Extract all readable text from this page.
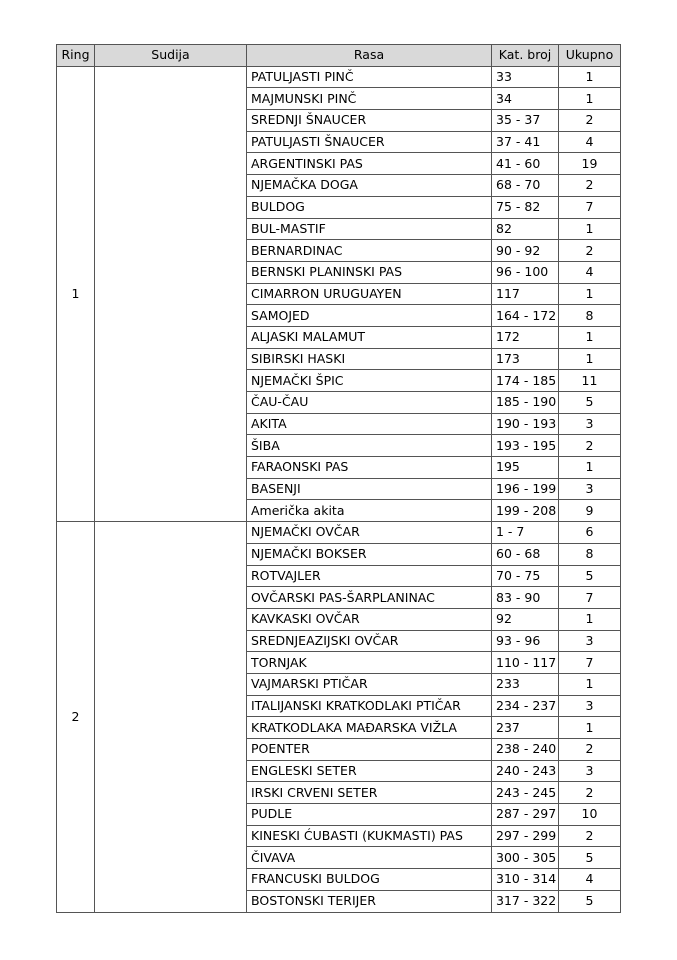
Ring	Sudija	Rasa	Kat. broj	Ukupno
1		PATULJASTI PINČ	33	1
		MAJMUNSKI PINČ	34	1
		SREDNJI ŠNAUCER	35 - 37	2
		PATULJASTI ŠNAUCER	37 - 41	4
		ARGENTINSKI PAS	41 - 60	19
		NJEMAČKA DOGA	68 - 70	2
		BULDOG	75 - 82	7
		BUL-MASTIF	82	1
		BERNARDINAC	90 - 92	2
		BERNSKI PLANINSKI PAS	96 - 100	4
		CIMARRON URUGUAYEN	117	1
		SAMOJED	164 - 172	8
		ALJASKI MALAMUT	172	1
		SIBIRSKI HASKI	173	1
		NJEMAČKI ŠPIC	174 - 185	11
		ČAU-ČAU	185 - 190	5
		AKITA	190 - 193	3
		ŠIBA	193 - 195	2
		FARAONSKI PAS	195	1
		BASENJI	196 - 199	3
		Američka akita	199 - 208	9
2		NJEMAČKI OVČAR	1 - 7	6
		NJEMAČKI BOKSER	60 - 68	8
		ROTVAJLER	70 - 75	5
		OVČARSKI PAS-ŠARPLANINAC	83 - 90	7
		KAVKASKI OVČAR	92	1
		SREDNJEAZIJSKI OVČAR	93 - 96	3
		TORNJAK	110 - 117	7
		VAJMARSKI PTIČAR	233	1
		ITALIJANSKI KRATKODLAKI PTIČAR	234 - 237	3
		KRATKODLAKA MAĐARSKA VIŽLA	237	1
		POENTER	238 - 240	2
		ENGLESKI SETER	240 - 243	3
		IRSKI CRVENI SETER	243 - 245	2
		PUDLE	287 - 297	10
		KINESKI ĆUBASTI (KUKMASTI) PAS	297 - 299	2
		ČIVAVA	300 - 305	5
		FRANCUSKI BULDOG	310 - 314	4
		BOSTONSKI TERIJER	317 - 322	5
